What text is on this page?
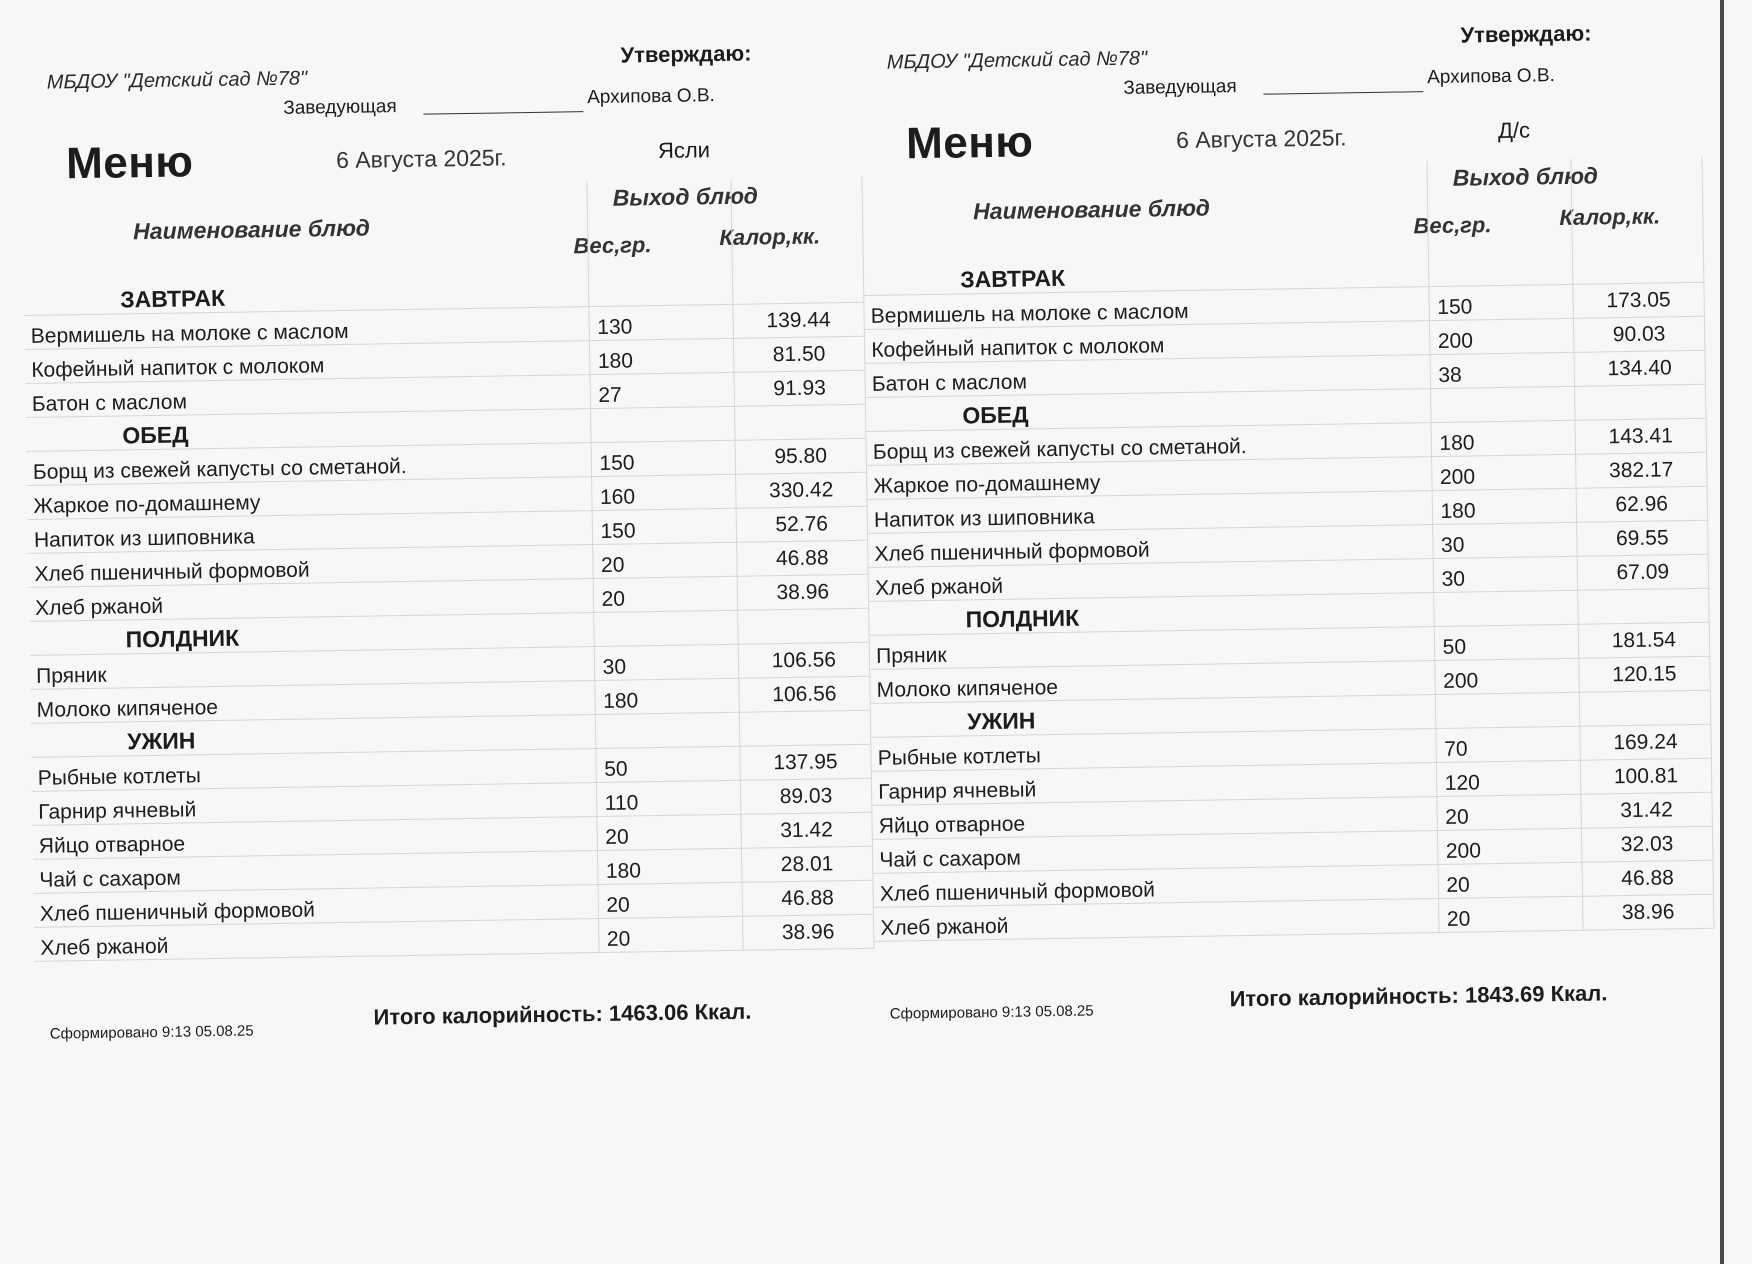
МБДОУ "Детский сад №78"
Утверждаю:
Заведующая	Архипова О.В.
Меню	6 Августа 2025г.	Ясли
Выход блюд
Наименование блюд
Вес,гр.	Калор,кк.

ЗАВТРАК		
Вермишель на молоке с маслом	130	139.44
Кофейный напиток с молоком	180	81.50
Батон с маслом	27	91.93
ОБЕД		
Борщ из свежей капусты со сметаной.	150	95.80
Жаркое по-домашнему	160	330.42
Напиток из шиповника	150	52.76
Хлеб пшеничный формовой	20	46.88
Хлеб ржаной	20	38.96
ПОЛДНИК		
Пряник	30	106.56
Молоко кипяченое	180	106.56
УЖИН		
Рыбные котлеты	50	137.95
Гарнир ячневый	110	89.03
Яйцо отварное	20	31.42
Чай с сахаром	180	28.01
Хлеб пшеничный формовой	20	46.88
Хлеб ржаной	20	38.96
Сформировано 9:13 05.08.25
Итого калорийность: 1463.06 Ккал.
МБДОУ "Детский сад №78"
Утверждаю:
Заведующая	Архипова О.В.
Меню	6 Августа 2025г.	Д/с
Выход блюд
Наименование блюд
Вес,гр.	Калор,кк.

ЗАВТРАК		
Вермишель на молоке с маслом	150	173.05
Кофейный напиток с молоком	200	90.03
Батон с маслом	38	134.40
ОБЕД		
Борщ из свежей капусты со сметаной.	180	143.41
Жаркое по-домашнему	200	382.17
Напиток из шиповника	180	62.96
Хлеб пшеничный формовой	30	69.55
Хлеб ржаной	30	67.09
ПОЛДНИК		
Пряник	50	181.54
Молоко кипяченое	200	120.15
УЖИН		
Рыбные котлеты	70	169.24
Гарнир ячневый	120	100.81
Яйцо отварное	20	31.42
Чай с сахаром	200	32.03
Хлеб пшеничный формовой	20	46.88
Хлеб ржаной	20	38.96
Сформировано 9:13 05.08.25
Итого калорийность: 1843.69 Ккал.
